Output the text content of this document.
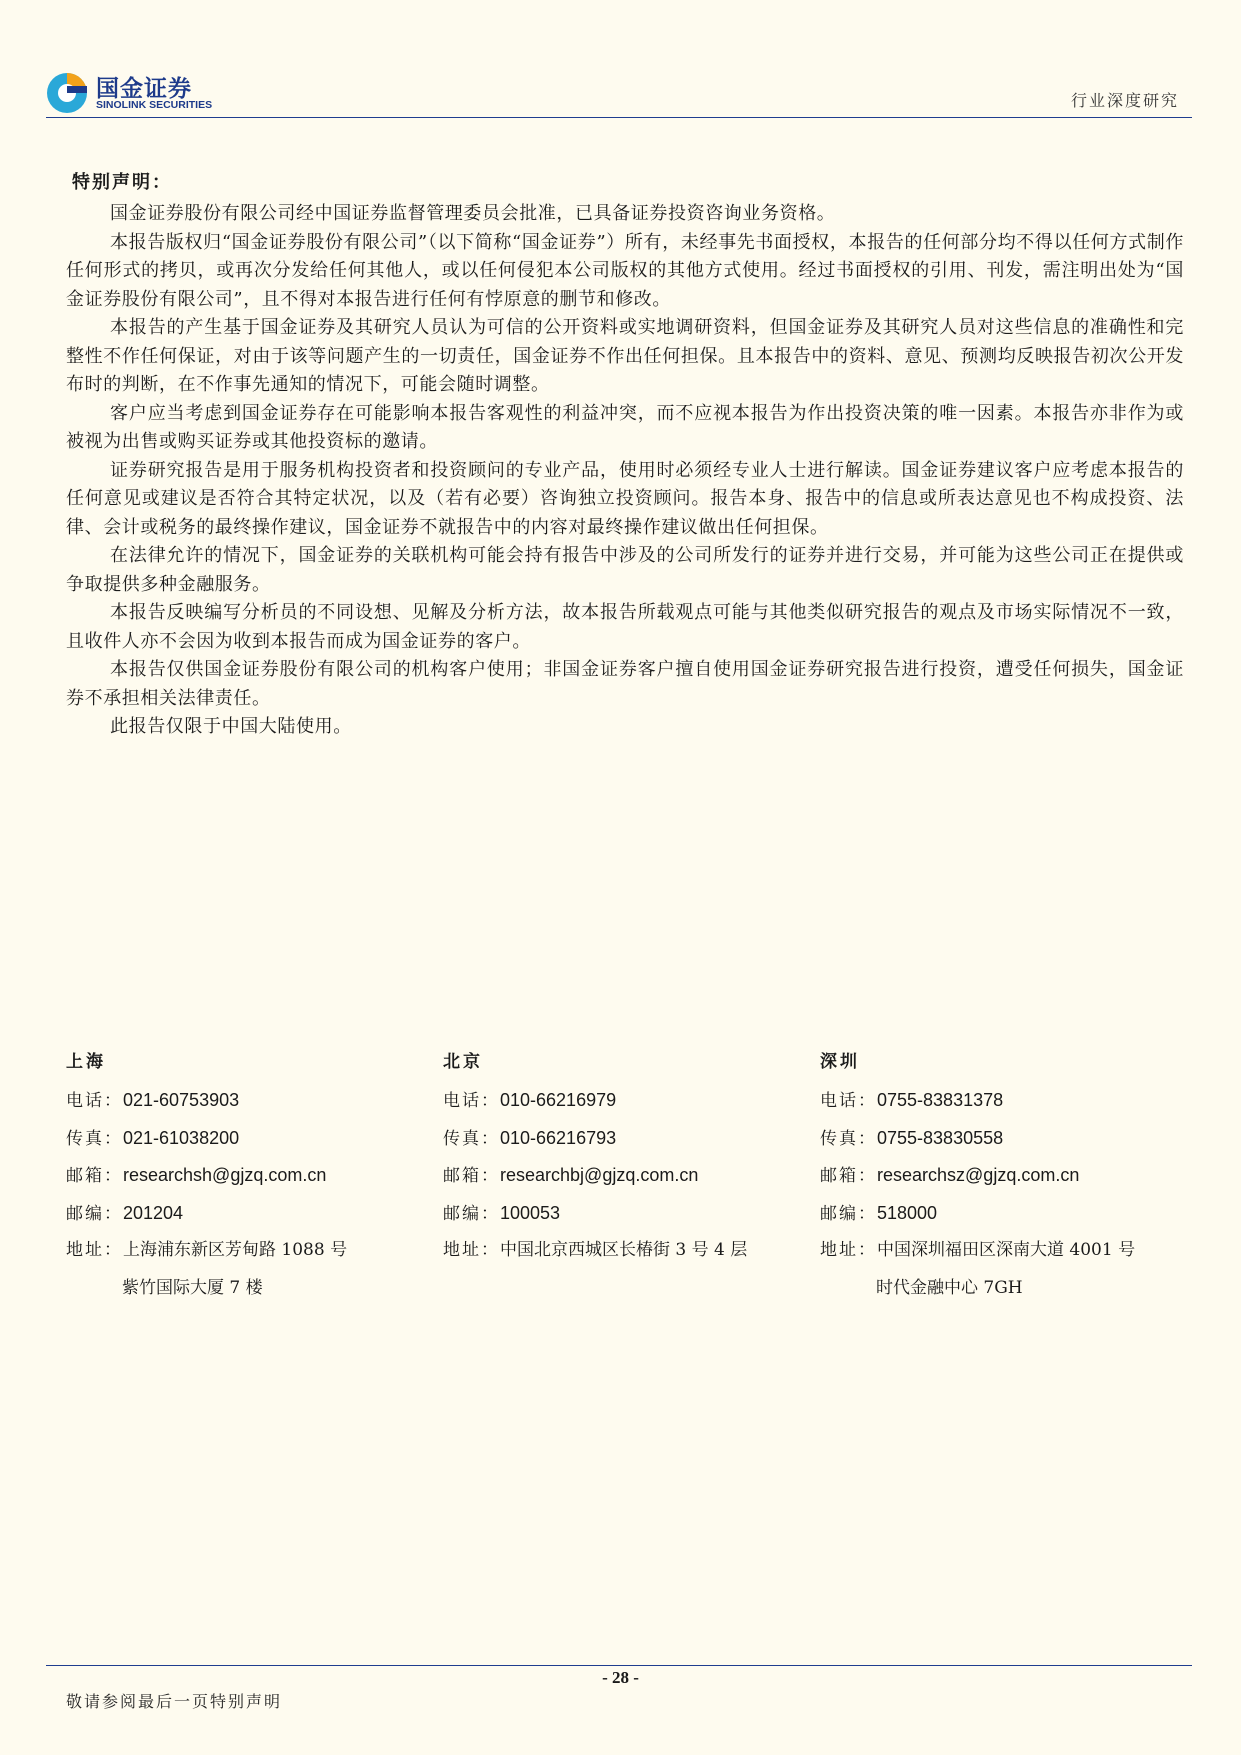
国金证券
SINOLINK SECURITIES	行业深度研究
特别声明：

国金证券股份有限公司经中国证券监督管理委员会批准，已具备证券投资咨询业务资格。

本报告版权归“国金证券股份有限公司”（以下简称“国金证券”）所有，未经事先书面授权，本报告的任何部分均不得以任何方式制作任何形式的拷贝，或再次分发给任何其他人，或以任何侵犯本公司版权的其他方式使用。经过书面授权的引用、刊发，需注明出处为“国金证券股份有限公司”，且不得对本报告进行任何有悖原意的删节和修改。

本报告的产生基于国金证券及其研究人员认为可信的公开资料或实地调研资料，但国金证券及其研究人员对这些信息的准确性和完整性不作任何保证，对由于该等问题产生的一切责任，国金证券不作出任何担保。且本报告中的资料、意见、预测均反映报告初次公开发布时的判断，在不作事先通知的情况下，可能会随时调整。

客户应当考虑到国金证券存在可能影响本报告客观性的利益冲突，而不应视本报告为作出投资决策的唯一因素。本报告亦非作为或被视为出售或购买证券或其他投资标的邀请。

证券研究报告是用于服务机构投资者和投资顾问的专业产品，使用时必须经专业人士进行解读。国金证券建议客户应考虑本报告的任何意见或建议是否符合其特定状况，以及（若有必要）咨询独立投资顾问。报告本身、报告中的信息或所表达意见也不构成投资、法律、会计或税务的最终操作建议，国金证券不就报告中的内容对最终操作建议做出任何担保。

在法律允许的情况下，国金证券的关联机构可能会持有报告中涉及的公司所发行的证券并进行交易，并可能为这些公司正在提供或争取提供多种金融服务。

本报告反映编写分析员的不同设想、见解及分析方法，故本报告所载观点可能与其他类似研究报告的观点及市场实际情况不一致，且收件人亦不会因为收到本报告而成为国金证券的客户。

本报告仅供国金证券股份有限公司的机构客户使用；非国金证券客户擅自使用国金证券研究报告进行投资，遭受任何损失，国金证券不承担相关法律责任。

此报告仅限于中国大陆使用。

上海
电话：021-60753903
传真：021-61038200
邮箱：researchsh@gjzq.com.cn
邮编：201204
地址：上海浦东新区芳甸路 1088 号
紫竹国际大厦 7 楼
北京
电话：010-66216979
传真：010-66216793
邮箱：researchbj@gjzq.com.cn
邮编：100053
地址：中国北京西城区长椿街 3 号 4 层
深圳
电话：0755-83831378
传真：0755-83830558
邮箱：researchsz@gjzq.com.cn
邮编：518000
地址：中国深圳福田区深南大道 4001 号
时代金融中心 7GH
- 28 -
敬请参阅最后一页特别声明
